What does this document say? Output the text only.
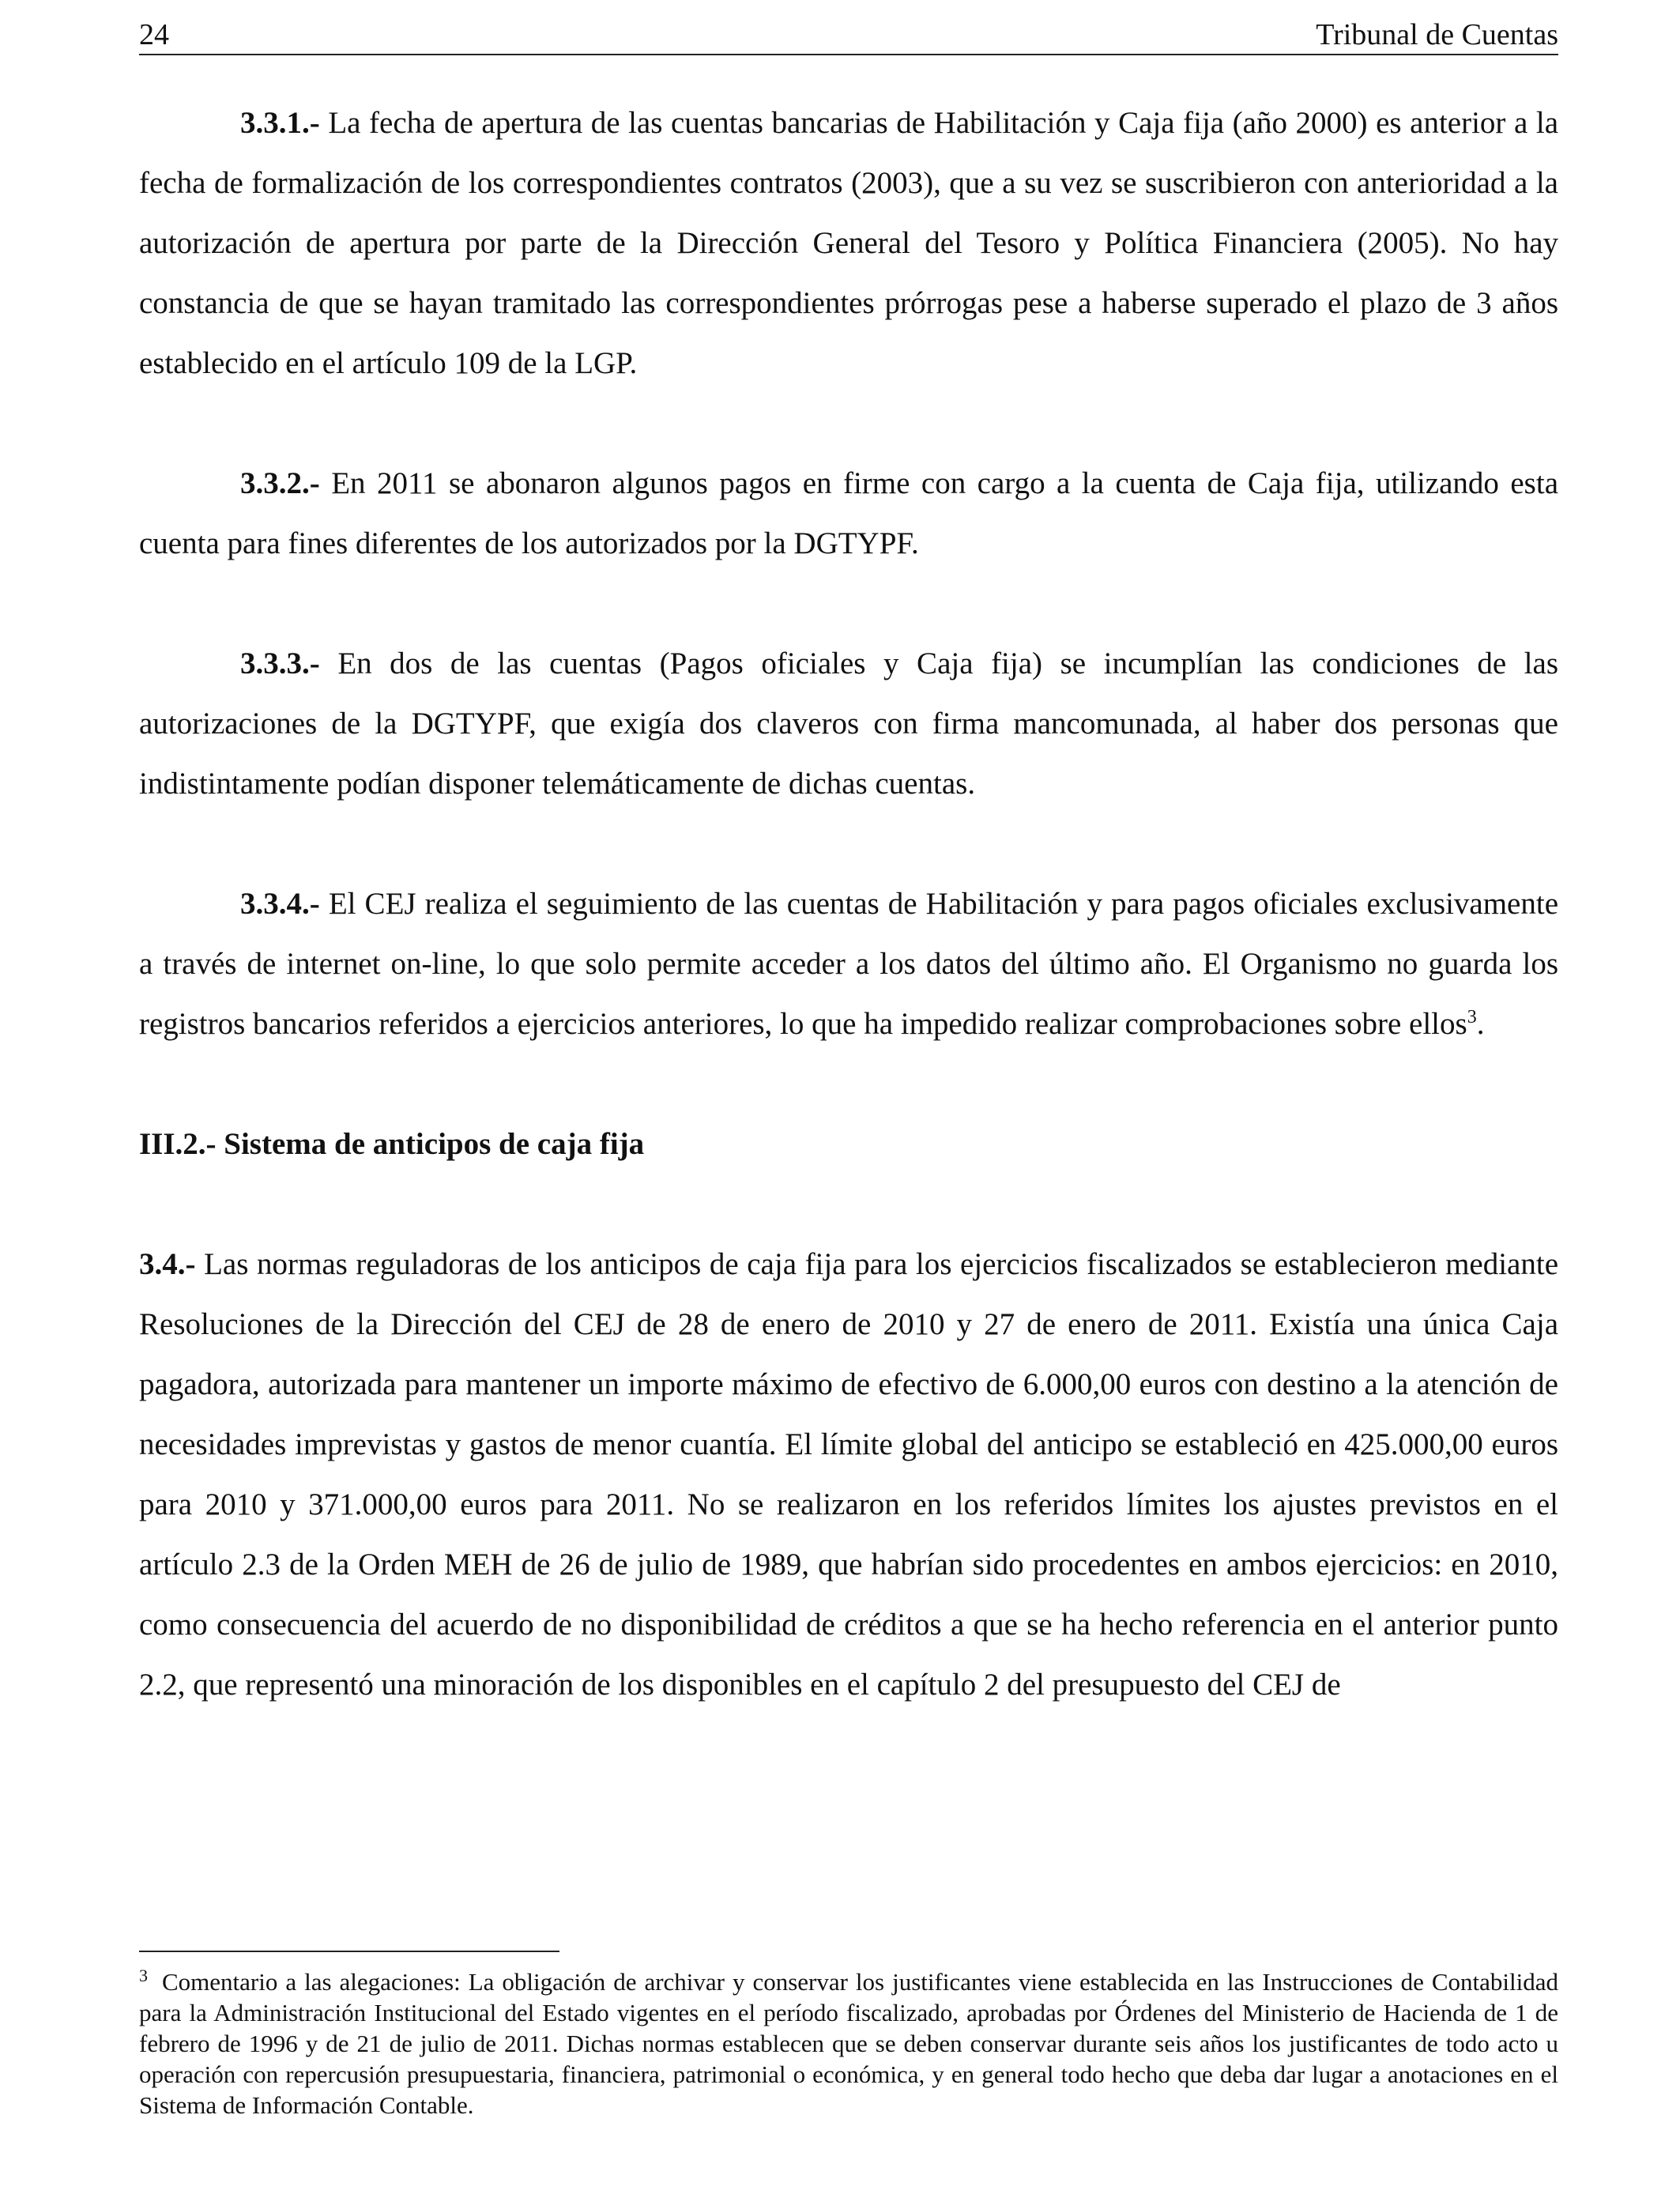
24	Tribunal de Cuentas

3.3.1.- La fecha de apertura de las cuentas bancarias de Habilitación y Caja fija (año 2000) es anterior a la fecha de formalización de los correspondientes contratos (2003), que a su vez se suscribieron con anterioridad a la autorización de apertura por parte de la Dirección General del Tesoro y Política Financiera (2005). No hay constancia de que se hayan tramitado las correspondientes prórrogas pese a haberse superado el plazo de 3 años establecido en el artículo 109 de la LGP.

3.3.2.- En 2011 se abonaron algunos pagos en firme con cargo a la cuenta de Caja fija, utilizando esta cuenta para fines diferentes de los autorizados por la DGTYPF.

3.3.3.- En dos de las cuentas (Pagos oficiales y Caja fija) se incumplían las condiciones de las autorizaciones de la DGTYPF, que exigía dos claveros con firma mancomunada, al haber dos personas que indistintamente podían disponer telemáticamente de dichas cuentas.

3.3.4.- El CEJ realiza el seguimiento de las cuentas de Habilitación y para pagos oficiales exclusivamente a través de internet on-line, lo que solo permite acceder a los datos del último año. El Organismo no guarda los registros bancarios referidos a ejercicios anteriores, lo que ha impedido realizar comprobaciones sobre ellos$^3$.

III.2.- Sistema de anticipos de caja fija

3.4.- Las normas reguladoras de los anticipos de caja fija para los ejercicios fiscalizados se establecieron mediante Resoluciones de la Dirección del CEJ de 28 de enero de 2010 y 27 de enero de 2011. Existía una única Caja pagadora, autorizada para mantener un importe máximo de efectivo de 6.000,00 euros con destino a la atención de necesidades imprevistas y gastos de menor cuantía. El límite global del anticipo se estableció en 425.000,00 euros para 2010 y 371.000,00 euros para 2011. No se realizaron en los referidos límites los ajustes previstos en el artículo 2.3 de la Orden MEH de 26 de julio de 1989, que habrían sido procedentes en ambos ejercicios: en 2010, como consecuencia del acuerdo de no disponibilidad de créditos a que se ha hecho referencia en el anterior punto 2.2, que representó una minoración de los disponibles en el capítulo 2 del presupuesto del CEJ de

$^3$ Comentario a las alegaciones: La obligación de archivar y conservar los justificantes viene establecida en las Instrucciones de Contabilidad para la Administración Institucional del Estado vigentes en el período fiscalizado, aprobadas por Órdenes del Ministerio de Hacienda de 1 de febrero de 1996 y de 21 de julio de 2011. Dichas normas establecen que se deben conservar durante seis años los justificantes de todo acto u operación con repercusión presupuestaria, financiera, patrimonial o económica, y en general todo hecho que deba dar lugar a anotaciones en el Sistema de Información Contable.
